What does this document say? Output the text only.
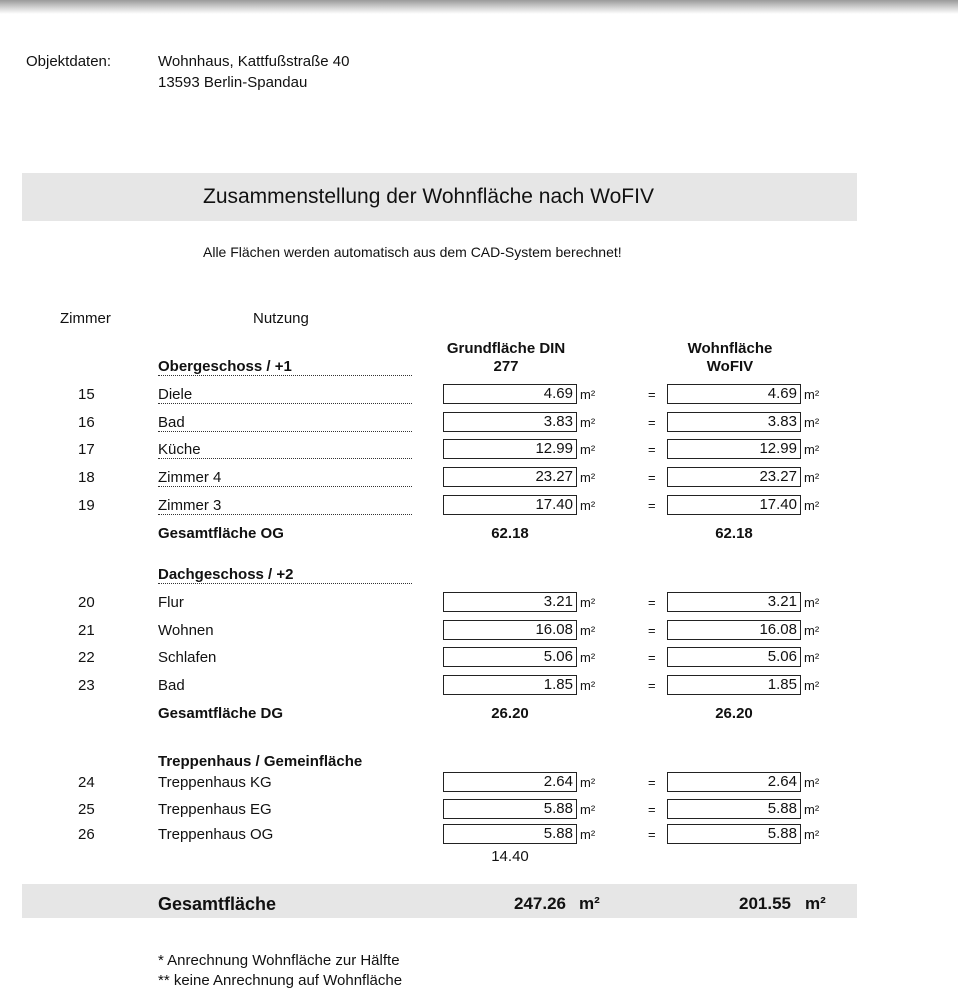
Objektdaten:	Wohnhaus, Kattfußstraße 40
13593 Berlin-Spandau
Zusammenstellung der Wohnfläche nach WoFIV
Alle Flächen werden automatisch aus dem CAD-System berechnet!
Zimmer	Nutzung
Grundfläche DIN
277
Wohnfläche
WoFIV
Obergeschoss / +1
15	Diele	4.69 m²	=	4.69 m²
16	Bad	3.83 m²	=	3.83 m²
17	Küche	12.99 m²	=	12.99 m²
18	Zimmer 4	23.27 m²	=	23.27 m²
19	Zimmer 3	17.40 m²	=	17.40 m²
Gesamtfläche OG	62.18	62.18
Dachgeschoss / +2
20	Flur	3.21 m²	=	3.21 m²
21	Wohnen	16.08 m²	=	16.08 m²
22	Schlafen	5.06 m²	=	5.06 m²
23	Bad	1.85 m²	=	1.85 m²
Gesamtfläche DG	26.20	26.20
Treppenhaus / Gemeinfläche
24	Treppenhaus KG	2.64 m²	=	2.64 m²
25	Treppenhaus EG	5.88 m²	=	5.88 m²
26	Treppenhaus OG	5.88 m²	=	5.88 m²
14.40
Gesamtfläche	247.26 m²	201.55 m²
* Anrechnung Wohnfläche zur Hälfte
** keine Anrechnung auf Wohnfläche
